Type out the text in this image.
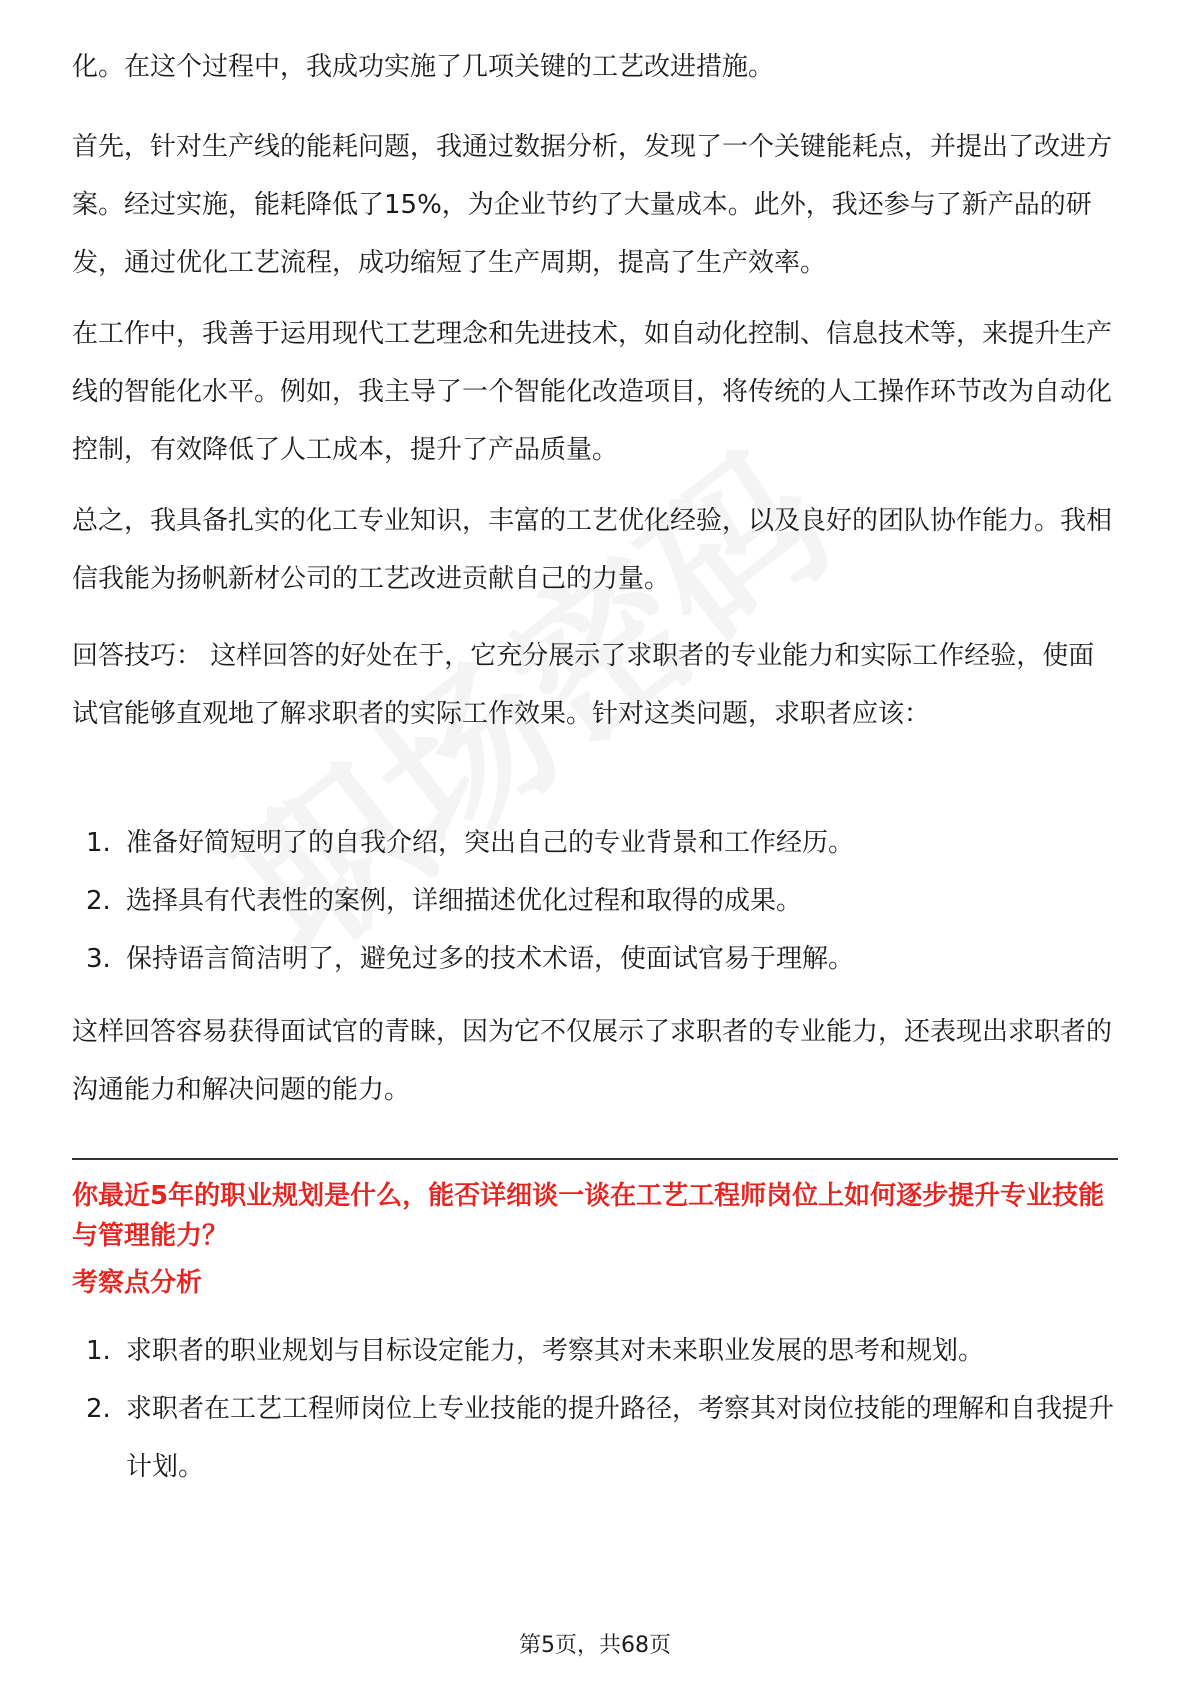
化。在这个过程中，我成功实施了几项关键的工艺改进措施。

首先，针对生产线的能耗问题，我通过数据分析，发现了一个关键能耗点，并提出了改进方案。经过实施，能耗降低了15%，为企业节约了大量成本。此外，我还参与了新产品的研发，通过优化工艺流程，成功缩短了生产周期，提高了生产效率。

在工作中，我善于运用现代工艺理念和先进技术，如自动化控制、信息技术等，来提升生产线的智能化水平。例如，我主导了一个智能化改造项目，将传统的人工操作环节改为自动化控制，有效降低了人工成本，提升了产品质量。

总之，我具备扎实的化工专业知识，丰富的工艺优化经验，以及良好的团队协作能力。我相信我能为扬帆新材公司的工艺改进贡献自己的力量。

回答技巧： 这样回答的好处在于，它充分展示了求职者的专业能力和实际工作经验，使面试官能够直观地了解求职者的实际工作效果。针对这类问题，求职者应该：

1. 准备好简短明了的自我介绍，突出自己的专业背景和工作经历。
2. 选择具有代表性的案例，详细描述优化过程和取得的成果。
3. 保持语言简洁明了，避免过多的技术术语，使面试官易于理解。

这样回答容易获得面试官的青睐，因为它不仅展示了求职者的专业能力，还表现出求职者的沟通能力和解决问题的能力。

你最近5年的职业规划是什么，能否详细谈一谈在工艺工程师岗位上如何逐步提升专业技能与管理能力？

考察点分析

1. 求职者的职业规划与目标设定能力，考察其对未来职业发展的思考和规划。
2. 求职者在工艺工程师岗位上专业技能的提升路径，考察其对岗位技能的理解和自我提升计划。
第5页，共68页
